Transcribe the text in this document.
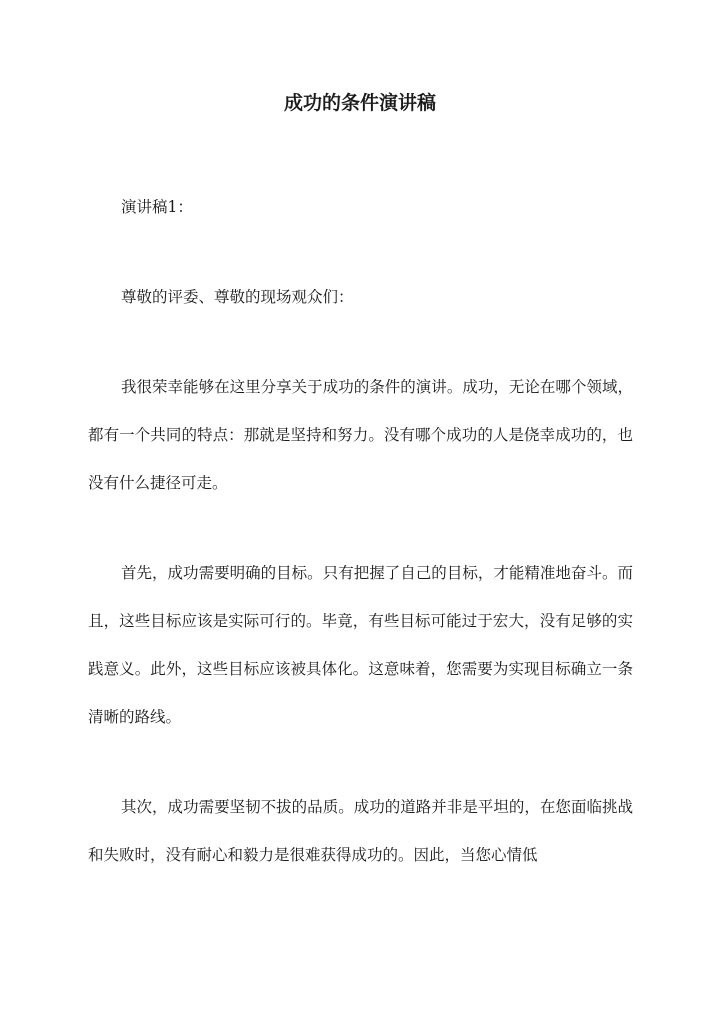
成功的条件演讲稿

演讲稿1：

尊敬的评委、尊敬的现场观众们：

我很荣幸能够在这里分享关于成功的条件的演讲。成功，无论在哪个领域，都有一个共同的特点：那就是坚持和努力。没有哪个成功的人是侥幸成功的，也没有什么捷径可走。

首先，成功需要明确的目标。只有把握了自己的目标，才能精准地奋斗。而且，这些目标应该是实际可行的。毕竟，有些目标可能过于宏大，没有足够的实践意义。此外，这些目标应该被具体化。这意味着，您需要为实现目标确立一条清晰的路线。

其次，成功需要坚韧不拔的品质。成功的道路并非是平坦的，在您面临挑战和失败时，没有耐心和毅力是很难获得成功的。因此，当您心情低
